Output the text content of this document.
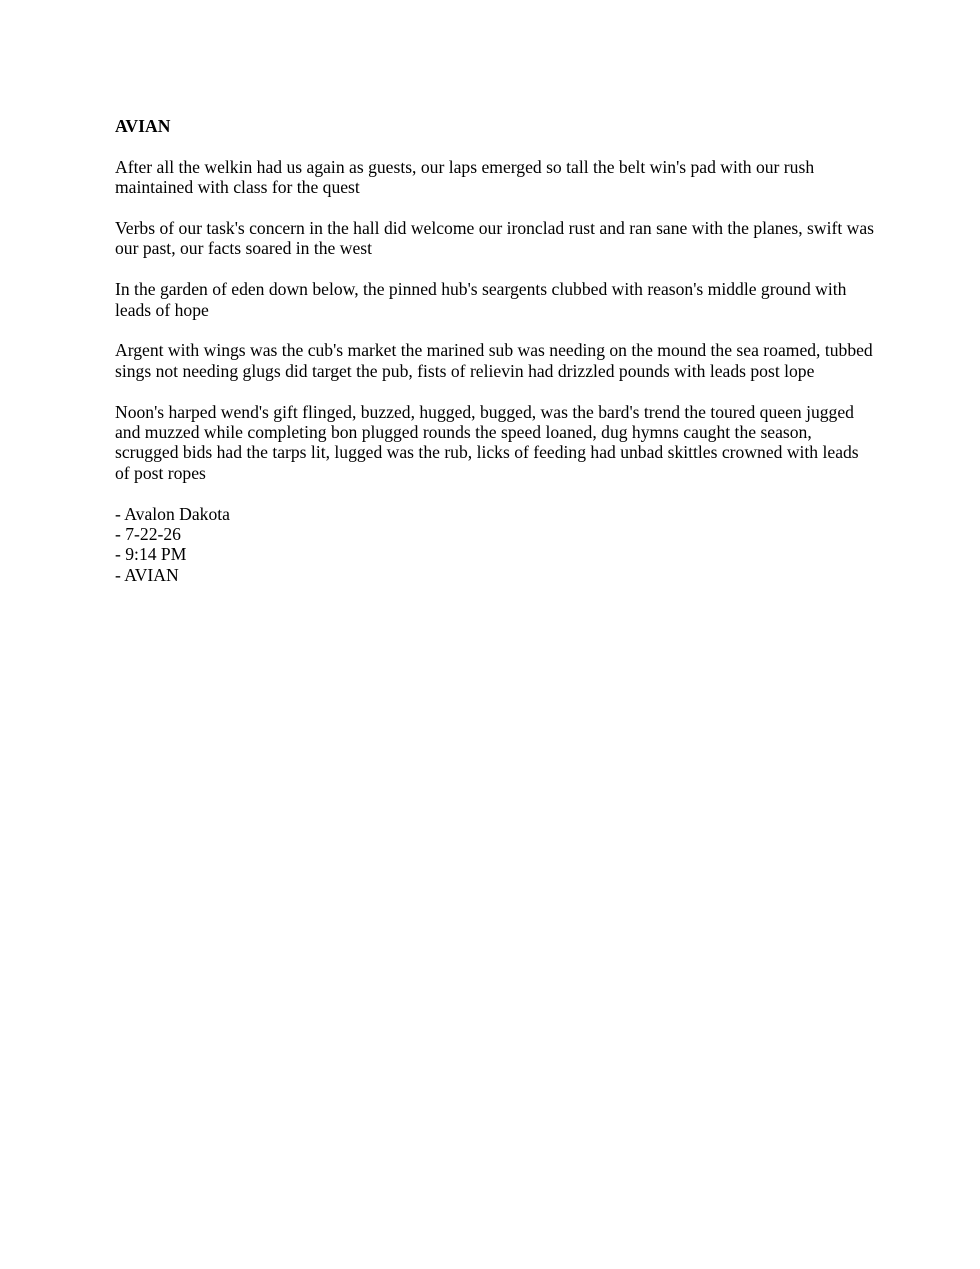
AVIAN
After all the welkin had us again as guests, our laps emerged so tall the belt win's pad with our rush maintained with class for the quest
Verbs of our task's concern in the hall did welcome our ironclad rust and ran sane with the planes, swift was our past, our facts soared in the west
In the garden of eden down below, the pinned hub's seargents clubbed with reason's middle ground with leads of hope
Argent with wings was the cub's market the marined sub was needing on the mound the sea roamed, tubbed sings not needing glugs did target the pub, fists of relievin had drizzled pounds with leads post lope
Noon's harped wend's gift flinged, buzzed, hugged, bugged, was the bard's trend the toured queen jugged and muzzed while completing bon plugged rounds the speed loaned, dug hymns caught the season, scrugged bids had the tarps lit, lugged was the rub, licks of feeding had unbad skittles crowned with leads of post ropes
- Avalon Dakota
- 7-22-26
- 9:14 PM
- AVIAN
